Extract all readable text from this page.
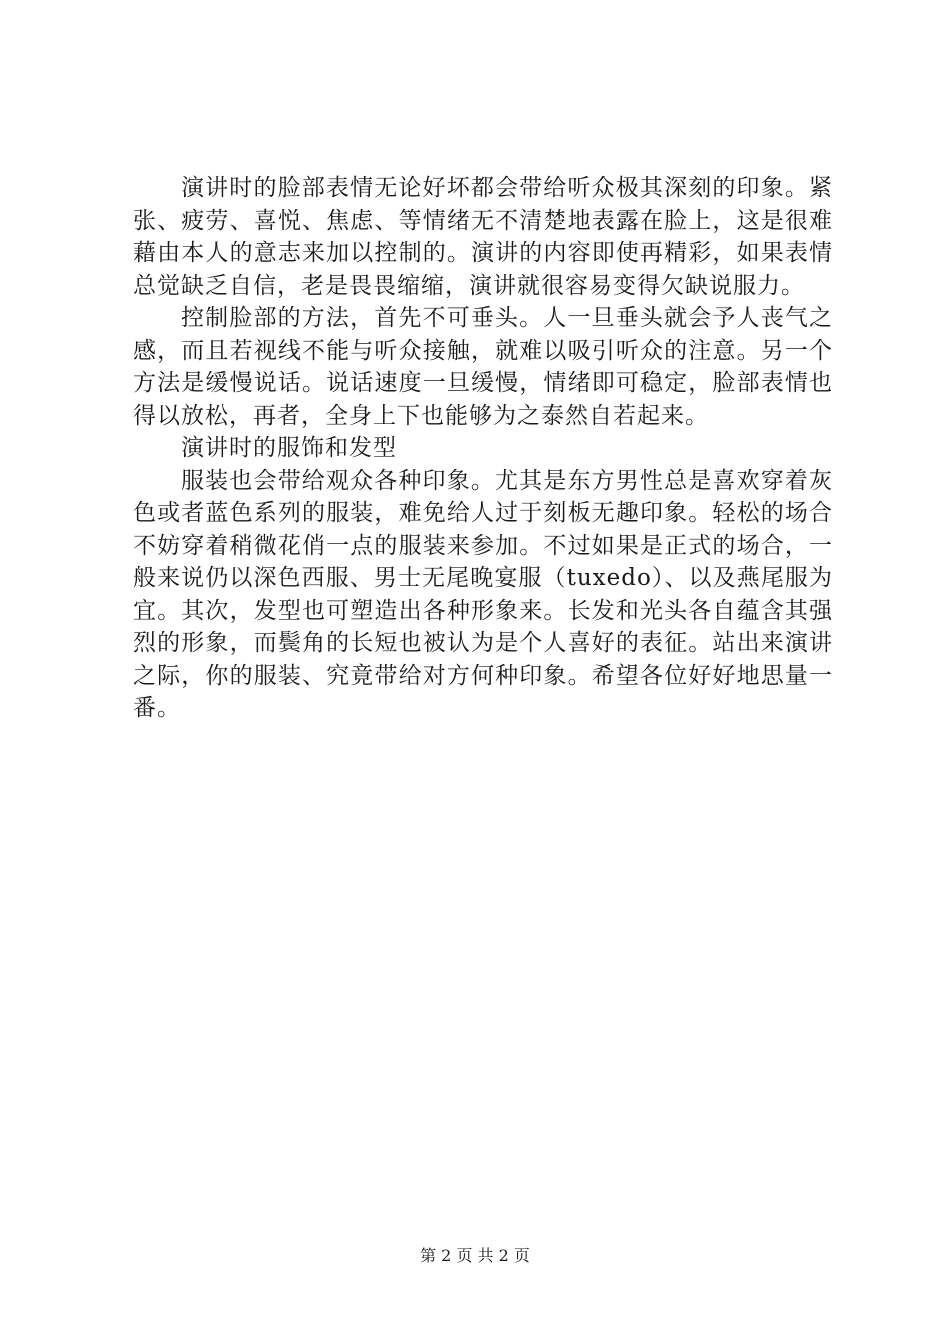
演讲时的脸部表情无论好坏都会带给听众极其深刻的印象。紧张、疲劳、喜悦、焦虑、等情绪无不清楚地表露在脸上，这是很难藉由本人的意志来加以控制的。演讲的内容即使再精彩，如果表情总觉缺乏自信，老是畏畏缩缩，演讲就很容易变得欠缺说服力。

控制脸部的方法，首先不可垂头。人一旦垂头就会予人丧气之感，而且若视线不能与听众接触，就难以吸引听众的注意。另一个方法是缓慢说话。说话速度一旦缓慢，情绪即可稳定，脸部表情也得以放松，再者，全身上下也能够为之泰然自若起来。

演讲时的服饰和发型

服装也会带给观众各种印象。尤其是东方男性总是喜欢穿着灰色或者蓝色系列的服装，难免给人过于刻板无趣印象。轻松的场合不妨穿着稍微花俏一点的服装来参加。不过如果是正式的场合，一般来说仍以深色西服、男士无尾晚宴服（tuxedo）、以及燕尾服为宜。其次，发型也可塑造出各种形象来。长发和光头各自蕴含其强烈的形象，而鬓角的长短也被认为是个人喜好的表征。站出来演讲之际，你的服装、究竟带给对方何种印象。希望各位好好地思量一番。

第 2 页 共 2 页
